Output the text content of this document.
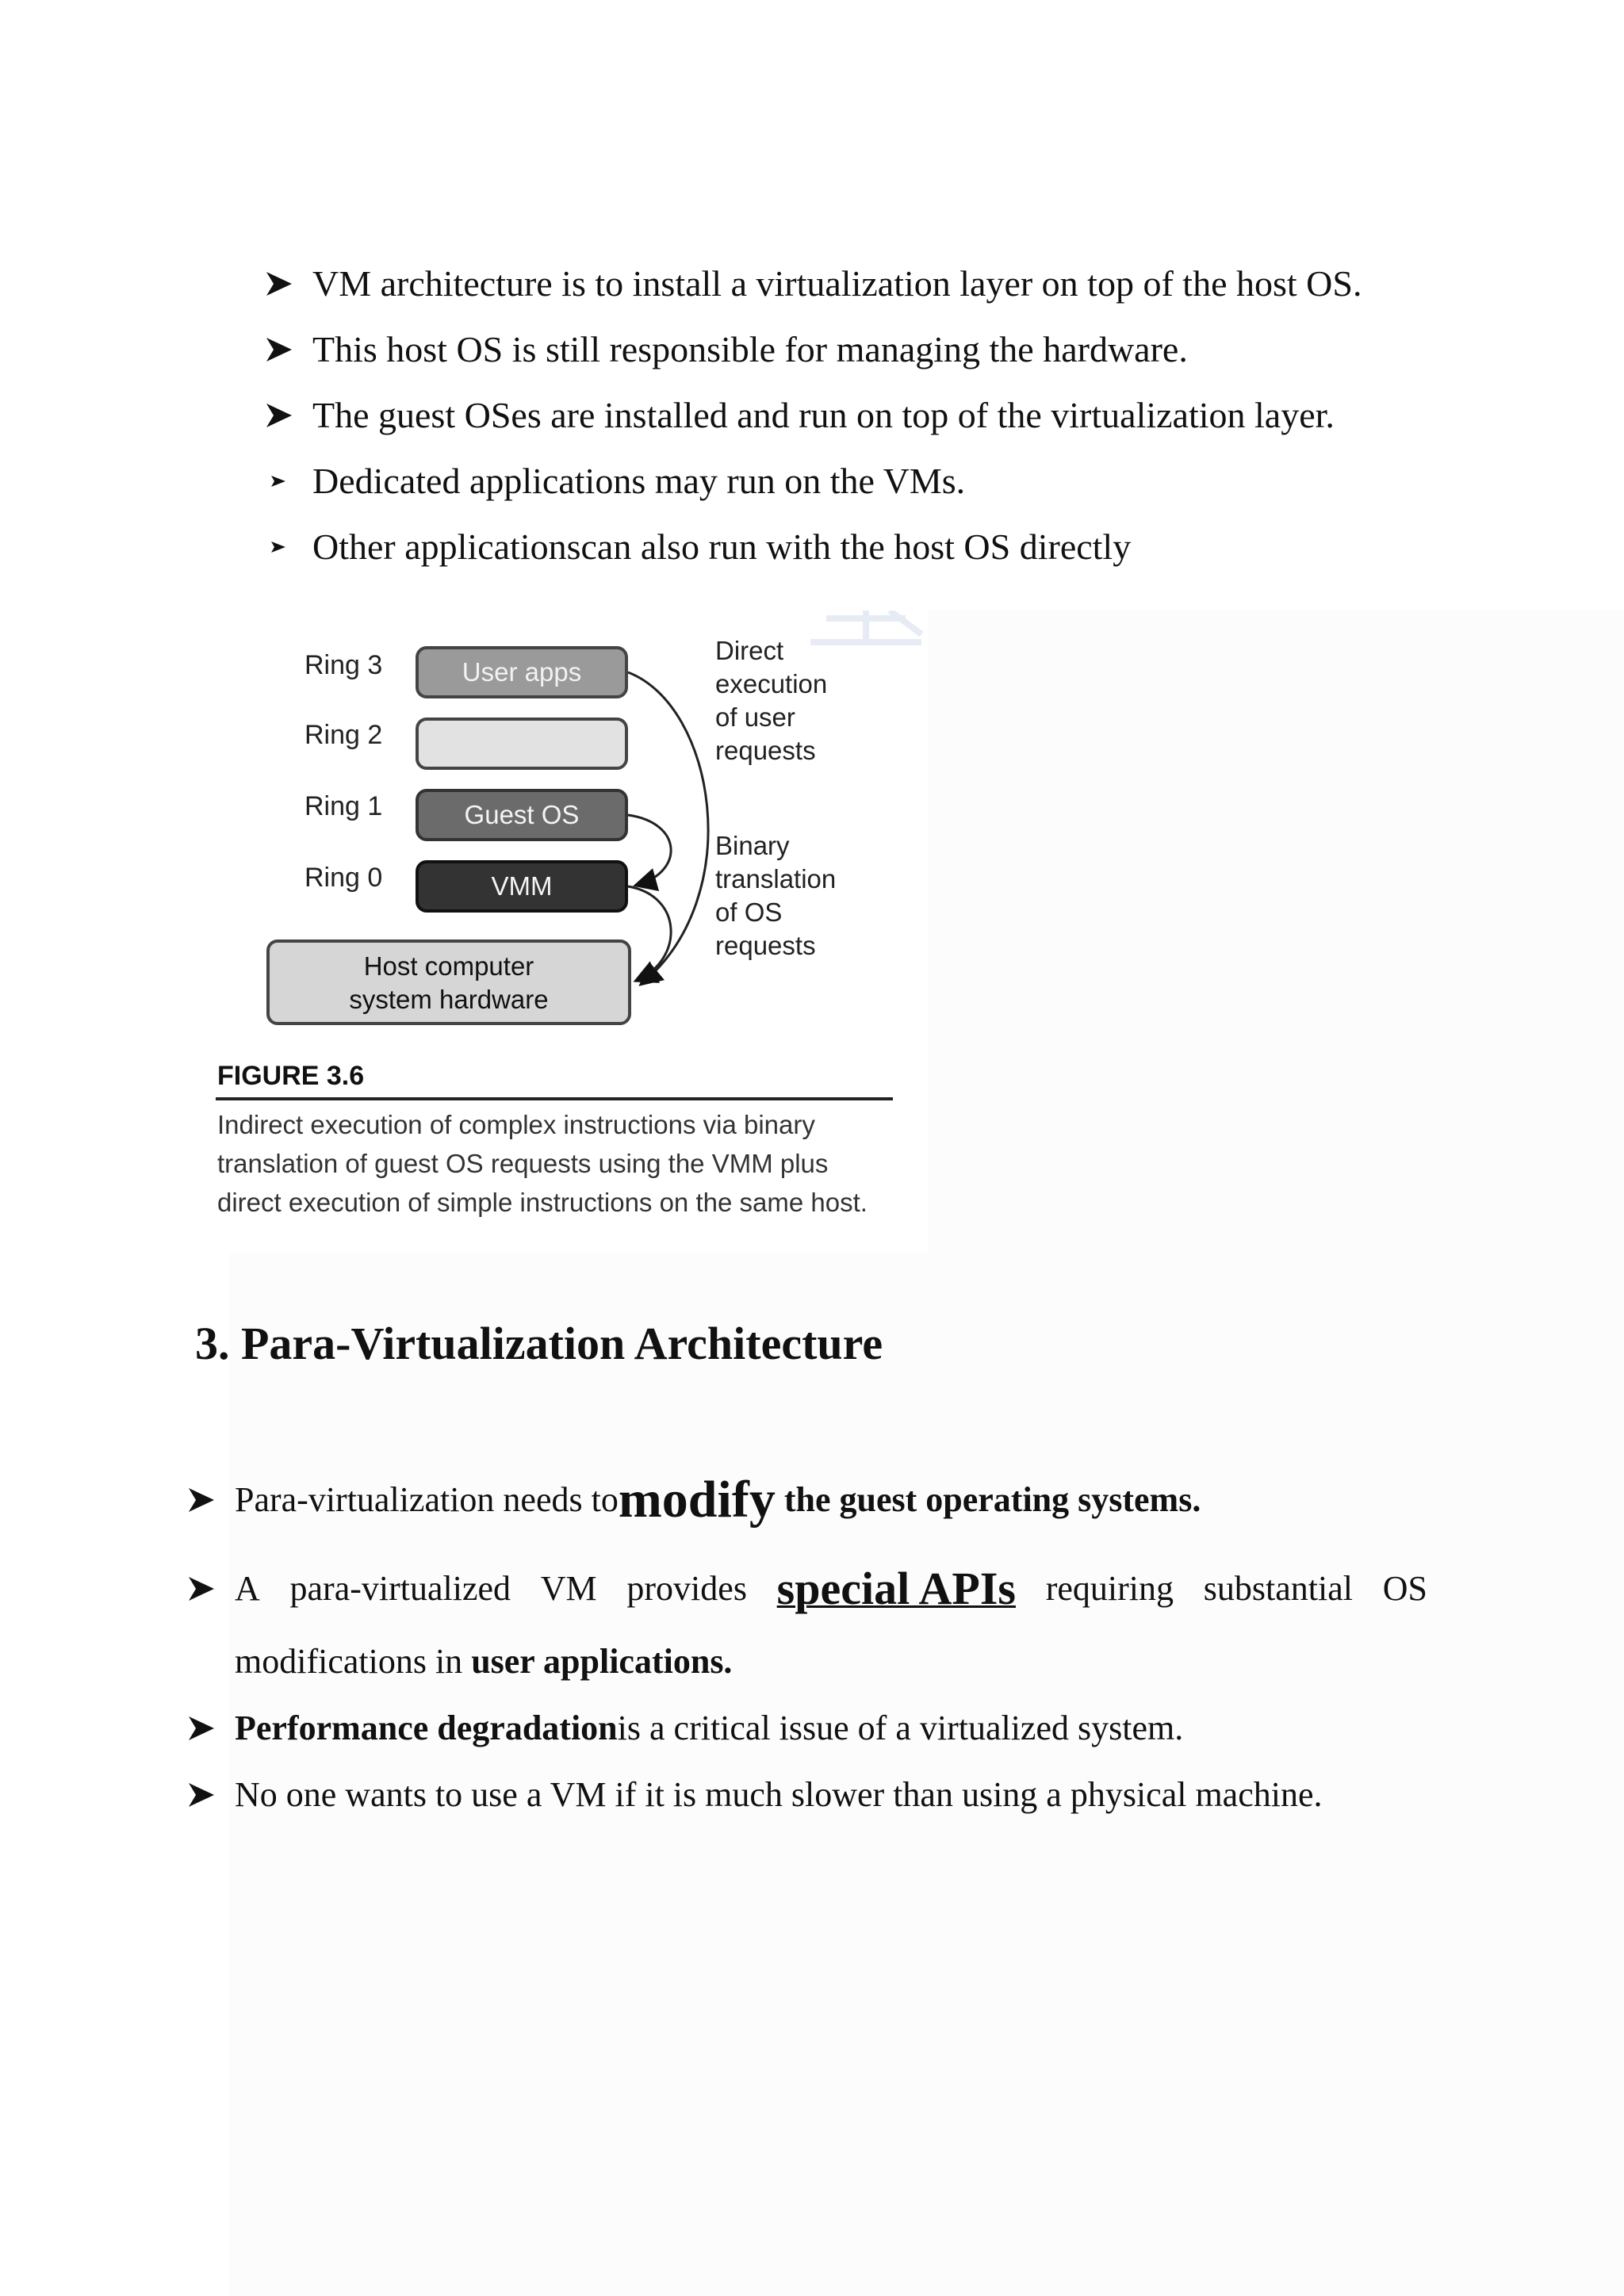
VM architecture is to install a virtualization layer on top of the host OS.
This host OS is still responsible for managing the hardware.
The guest OSes are installed and run on top of the virtualization layer.
Dedicated applications may run on the VMs.
Other applicationscan also run with the host OS directly
Ring 3
Ring 2
Ring 1
Ring 0
User apps
Guest OS
VMM
Host computer
system hardware
Direct
execution
of user
requests
Binary
translation
of OS
requests
FIGURE 3.6
Indirect execution of complex instructions via binary
translation of guest OS requests using the VMM plus
direct execution of simple instructions on the same host.
3. Para-Virtualization Architecture
Para-virtualization needs to modify the guest operating systems.
A para-virtualized VM provides special APIs requiring substantial OS
modifications in user applications.
Performance degradation is a critical issue of a virtualized system.
No one wants to use a VM if it is much slower than using a physical machine.
